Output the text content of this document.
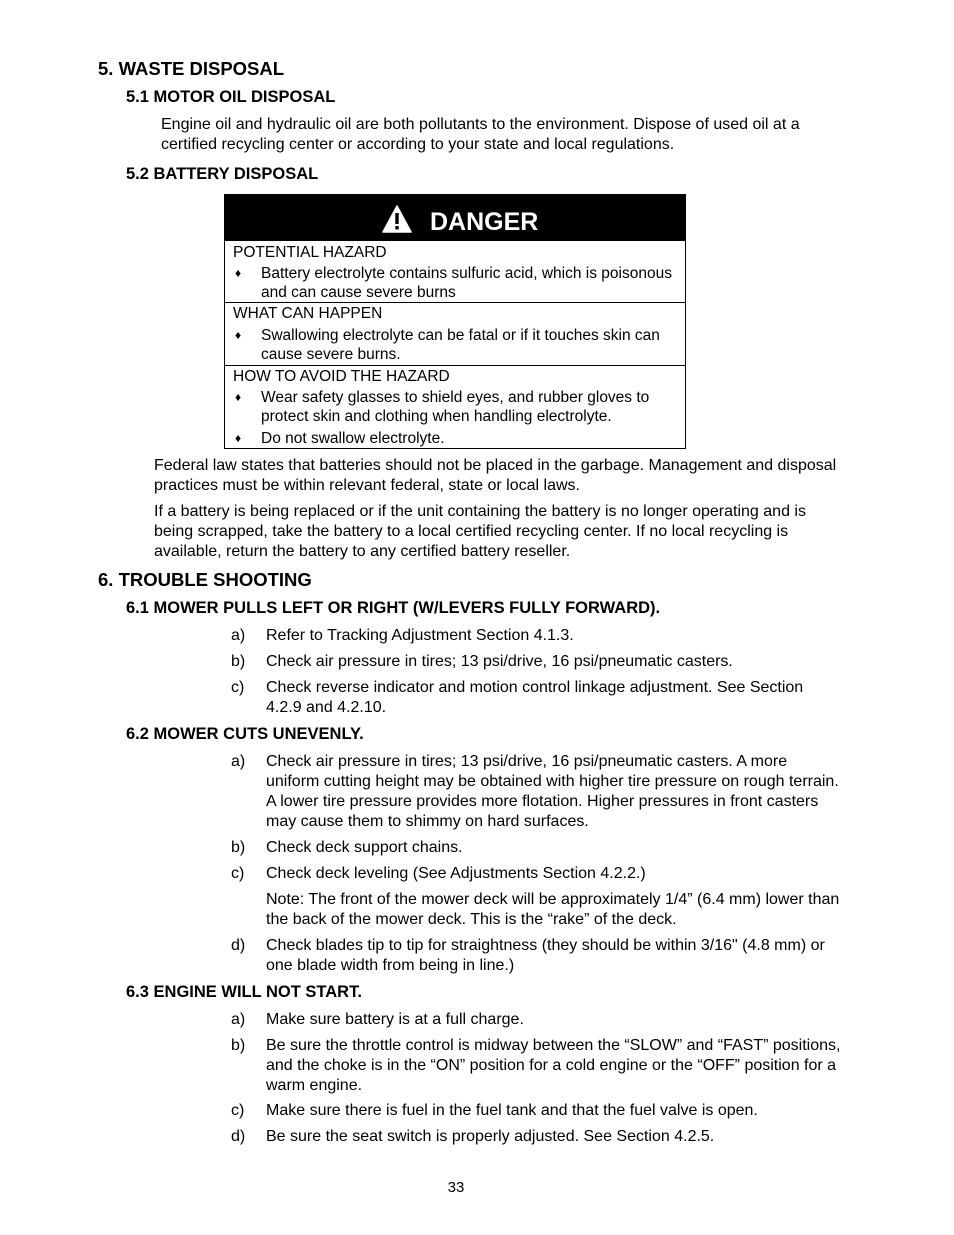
5. WASTE DISPOSAL
5.1 MOTOR OIL DISPOSAL
Engine oil and hydraulic oil are both pollutants to the environment. Dispose of used oil at a certified recycling center or according to your state and local regulations.
5.2 BATTERY DISPOSAL
DANGER
POTENTIAL HAZARD
♦ Battery electrolyte contains sulfuric acid, which is poisonous and can cause severe burns
WHAT CAN HAPPEN
♦ Swallowing electrolyte can be fatal or if it touches skin can cause severe burns.
HOW TO AVOID THE HAZARD
♦ Wear safety glasses to shield eyes, and rubber gloves to protect skin and clothing when handling electrolyte.
♦ Do not swallow electrolyte.
Federal law states that batteries should not be placed in the garbage. Management and disposal practices must be within relevant federal, state or local laws.
If a battery is being replaced or if the unit containing the battery is no longer operating and is being scrapped, take the battery to a local certified recycling center. If no local recycling is available, return the battery to any certified battery reseller.
6. TROUBLE SHOOTING
6.1 MOWER PULLS LEFT OR RIGHT (W/LEVERS FULLY FORWARD).
a)	Refer to Tracking Adjustment Section 4.1.3.
b)	Check air pressure in tires; 13 psi/drive, 16 psi/pneumatic casters.
c)	Check reverse indicator and motion control linkage adjustment. See Section 4.2.9 and 4.2.10.
6.2 MOWER CUTS UNEVENLY.
a)	Check air pressure in tires; 13 psi/drive, 16 psi/pneumatic casters. A more uniform cutting height may be obtained with higher tire pressure on rough terrain. A lower tire pressure provides more flotation. Higher pressures in front casters may cause them to shimmy on hard surfaces.
b)	Check deck support chains.
c)	Check deck leveling (See Adjustments Section 4.2.2.)
Note: The front of the mower deck will be approximately 1/4” (6.4 mm) lower than the back of the mower deck. This is the “rake” of the deck.
d)	Check blades tip to tip for straightness (they should be within 3/16" (4.8 mm) or one blade width from being in line.)
6.3 ENGINE WILL NOT START.
a)	Make sure battery is at a full charge.
b)	Be sure the throttle control is midway between the “SLOW” and “FAST” positions, and the choke is in the “ON” position for a cold engine or the “OFF” position for a warm engine.
c)	Make sure there is fuel in the fuel tank and that the fuel valve is open.
d)	Be sure the seat switch is properly adjusted. See Section 4.2.5.
33
